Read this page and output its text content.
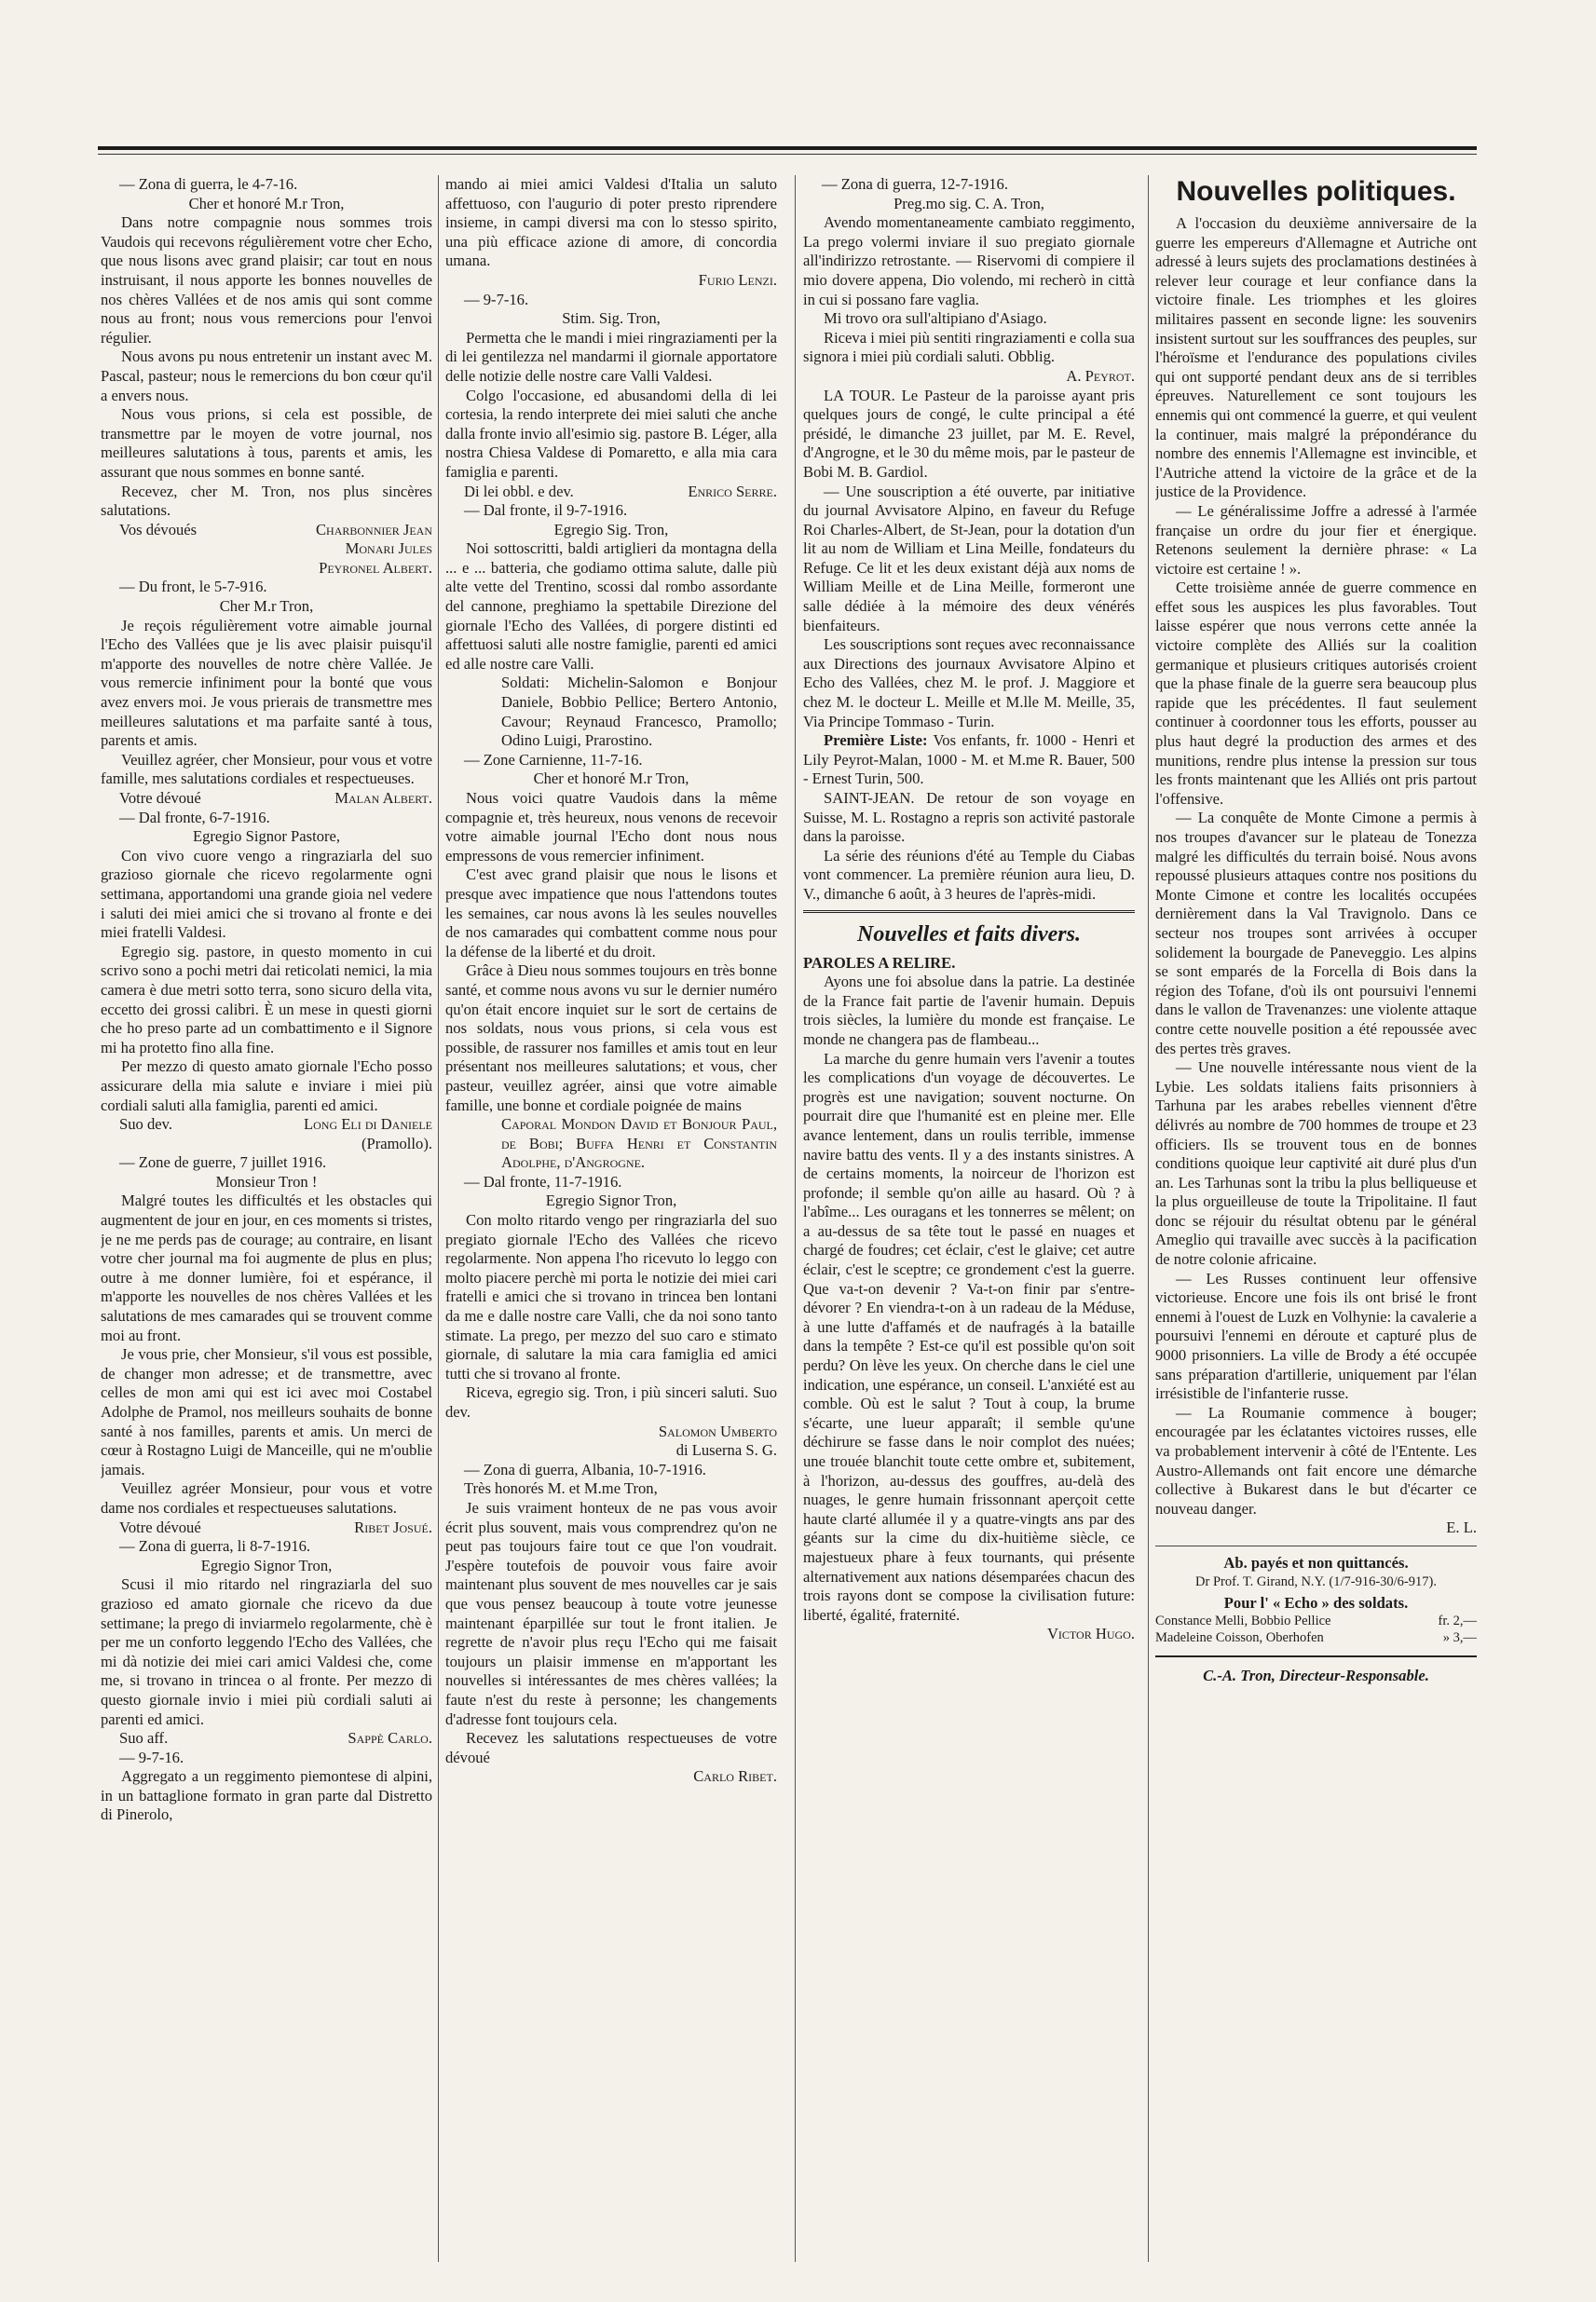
— Zona di guerra, le 4-7-16.

Cher et honoré M.r Tron,

Dans notre compagnie nous sommes trois Vaudois qui recevons régulièrement votre cher Echo, que nous lisons avec grand plaisir; car tout en nous instruisant, il nous apporte les bonnes nouvelles de nos chères Vallées et de nos amis qui sont comme nous au front; nous vous remercions pour l'envoi régulier.

Nous avons pu nous entretenir un instant avec M. Pascal, pasteur; nous le remercions du bon cœur qu'il a envers nous.

Nous vous prions, si cela est possible, de transmettre par le moyen de votre journal, nos meilleures salutations à tous, parents et amis, les assurant que nous sommes en bonne santé.

Recevez, cher M. Tron, nos plus sincères salutations.

Vos dévoués	Charbonnier Jean
Monari Jules
Peyronel Albert.

— Du front, le 5-7-916.

Cher M.r Tron,

Je reçois régulièrement votre aimable journal l'Echo des Vallées que je lis avec plaisir puisqu'il m'apporte des nouvelles de notre chère Vallée. Je vous remercie infiniment pour la bonté que vous avez envers moi. Je vous prierais de transmettre mes meilleures salutations et ma parfaite santé à tous, parents et amis.

Veuillez agréer, cher Monsieur, pour vous et votre famille, mes salutations cordiales et respectueuses.

Votre dévoué	Malan Albert.

— Dal fronte, 6-7-1916.

Egregio Signor Pastore,

Con vivo cuore vengo a ringraziarla del suo grazioso giornale che ricevo regolarmente ogni settimana, apportandomi una grande gioia nel vedere i saluti dei miei amici che si trovano al fronte e dei miei fratelli Valdesi.

Egregio sig. pastore, in questo momento in cui scrivo sono a pochi metri dai reticolati nemici, la mia camera è due metri sotto terra, sono sicuro della vita, eccetto dei grossi calibri. È un mese in questi giorni che ho preso parte ad un combattimento e il Signore mi ha protetto fino alla fine.

Per mezzo di questo amato giornale l'Echo posso assicurare della mia salute e inviare i miei più cordiali saluti alla famiglia, parenti ed amici.

Suo dev.	Long Eli di Daniele

(Pramollo).

— Zone de guerre, 7 juillet 1916.

Monsieur Tron !

Malgré toutes les difficultés et les obstacles qui augmentent de jour en jour, en ces moments si tristes, je ne me perds pas de courage; au contraire, en lisant votre cher journal ma foi augmente de plus en plus; outre à me donner lumière, foi et espérance, il m'apporte les nouvelles de nos chères Vallées et les salutations de mes camarades qui se trouvent comme moi au front.

Je vous prie, cher Monsieur, s'il vous est possible, de changer mon adresse; et de transmettre, avec celles de mon ami qui est ici avec moi Costabel Adolphe de Pramol, nos meilleurs souhaits de bonne santé à nos familles, parents et amis. Un merci de cœur à Rostagno Luigi de Manceille, qui ne m'oublie jamais.

Veuillez agréer Monsieur, pour vous et votre dame nos cordiales et respectueuses salutations.

Votre dévoué	Ribet Josué.

— Zona di guerra, li 8-7-1916.

Egregio Signor Tron,

Scusi il mio ritardo nel ringraziarla del suo grazioso ed amato giornale che ricevo da due settimane; la prego di inviarmelo regolarmente, chè è per me un conforto leggendo l'Echo des Vallées, che mi dà notizie dei miei cari amici Valdesi che, come me, si trovano in trincea o al fronte. Per mezzo di questo giornale invio i miei più cordiali saluti ai parenti ed amici.

Suo aff.	Sappè Carlo.

— 9-7-16.

Aggregato a un reggimento piemontese di alpini, in un battaglione formato in gran parte dal Distretto di Pinerolo,

mando ai miei amici Valdesi d'Italia un saluto affettuoso, con l'augurio di poter presto riprendere insieme, in campi diversi ma con lo stesso spirito, una più efficace azione di amore, di concordia umana.

Furio Lenzi.

— 9-7-16.

Stim. Sig. Tron,

Permetta che le mandi i miei ringraziamenti per la di lei gentilezza nel mandarmi il giornale apportatore delle notizie delle nostre care Valli Valdesi.

Colgo l'occasione, ed abusandomi della di lei cortesia, la rendo interprete dei miei saluti che anche dalla fronte invio all'esimio sig. pastore B. Léger, alla nostra Chiesa Valdese di Pomaretto, e alla mia cara famiglia e parenti.

Di lei obbl. e dev.	Enrico Serre.

— Dal fronte, il 9-7-1916.

Egregio Sig. Tron,

Noi sottoscritti, baldi artiglieri da montagna della ... e ... batteria, che godiamo ottima salute, dalle più alte vette del Trentino, scossi dal rombo assordante del cannone, preghiamo la spettabile Direzione del giornale l'Echo des Vallées, di porgere distinti ed affettuosi saluti alle nostre famiglie, parenti ed amici ed alle nostre care Valli.

Soldati: Michelin-Salomon e Bonjour Daniele, Bobbio Pellice; Bertero Antonio, Cavour; Reynaud Francesco, Pramollo; Odino Luigi, Prarostino.

— Zone Carnienne, 11-7-16.

Cher et honoré M.r Tron,

Nous voici quatre Vaudois dans la même compagnie et, très heureux, nous venons de recevoir votre aimable journal l'Echo dont nous nous empressons de vous remercier infiniment.

C'est avec grand plaisir que nous le lisons et presque avec impatience que nous l'attendons toutes les semaines, car nous avons là les seules nouvelles de nos camarades qui combattent comme nous pour la défense de la liberté et du droit.

Grâce à Dieu nous sommes toujours en très bonne santé, et comme nous avons vu sur le dernier numéro qu'on était encore inquiet sur le sort de certains de nos soldats, nous vous prions, si cela vous est possible, de rassurer nos familles et amis tout en leur présentant nos meilleures salutations; et vous, cher pasteur, veuillez agréer, ainsi que votre aimable famille, une bonne et cordiale poignée de mains

Caporal Mondon David et Bonjour Paul, de Bobi; Buffa Henri et Constantin Adolphe, d'Angrogne.

— Dal fronte, 11-7-1916.

Egregio Signor Tron,

Con molto ritardo vengo per ringraziarla del suo pregiato giornale l'Echo des Vallées che ricevo regolarmente. Non appena l'ho ricevuto lo leggo con molto piacere perchè mi porta le notizie dei miei cari fratelli e amici che si trovano in trincea ben lontani da me e dalle nostre care Valli, che da noi sono tanto stimate. La prego, per mezzo del suo caro e stimato giornale, di salutare la mia cara famiglia ed amici tutti che si trovano al fronte.

Riceva, egregio sig. Tron, i più sinceri saluti. Suo dev.

Salomon Umberto

di Luserna S. G.

— Zona di guerra, Albania, 10-7-1916.

Très honorés M. et M.me Tron,

Je suis vraiment honteux de ne pas vous avoir écrit plus souvent, mais vous comprendrez qu'on ne peut pas toujours faire tout ce que l'on voudrait. J'espère toutefois de pouvoir vous faire avoir maintenant plus souvent de mes nouvelles car je sais que vous pensez beaucoup à toute votre jeunesse maintenant éparpillée sur tout le front italien. Je regrette de n'avoir plus reçu l'Echo qui me faisait toujours un plaisir immense en m'apportant les nouvelles si intéressantes de mes chères vallées; la faute n'est du reste à personne; les changements d'adresse font toujours cela.

Recevez les salutations respectueuses de votre dévoué

Carlo Ribet.

— Zona di guerra, 12-7-1916.

Preg.mo sig. C. A. Tron,

Avendo momentaneamente cambiato reggimento, La prego volermi inviare il suo pregiato giornale all'indirizzo retrostante. — Riservomi di compiere il mio dovere appena, Dio volendo, mi recherò in città in cui si possano fare vaglia.

Mi trovo ora sull'altipiano d'Asiago.

Riceva i miei più sentiti ringraziamenti e colla sua signora i miei più cordiali saluti. Obblig.

A. Peyrot.

LA TOUR. Le Pasteur de la paroisse ayant pris quelques jours de congé, le culte principal a été présidé, le dimanche 23 juillet, par M. E. Revel, d'Angrogne, et le 30 du même mois, par le pasteur de Bobi M. B. Gardiol.

— Une souscription a été ouverte, par initiative du journal Avvisatore Alpino, en faveur du Refuge Roi Charles-Albert, de St-Jean, pour la dotation d'un lit au nom de William et Lina Meille, fondateurs du Refuge. Ce lit et les deux existant déjà aux noms de William Meille et de Lina Meille, formeront une salle dédiée à la mémoire des deux vénérés bienfaiteurs.

Les souscriptions sont reçues avec reconnaissance aux Directions des journaux Avvisatore Alpino et Echo des Vallées, chez M. le prof. J. Maggiore et chez M. le docteur L. Meille et M.lle M. Meille, 35, Via Principe Tommaso - Turin.

Première Liste: Vos enfants, fr. 1000 - Henri et Lily Peyrot-Malan, 1000 - M. et M.me R. Bauer, 500 - Ernest Turin, 500.

SAINT-JEAN. De retour de son voyage en Suisse, M. L. Rostagno a repris son activité pastorale dans la paroisse.

La série des réunions d'été au Temple du Ciabas vont commencer. La première réunion aura lieu, D. V., dimanche 6 août, à 3 heures de l'après-midi.

Nouvelles et faits divers.

PAROLES A RELIRE.

Ayons une foi absolue dans la patrie. La destinée de la France fait partie de l'avenir humain. Depuis trois siècles, la lumière du monde est française. Le monde ne changera pas de flambeau...

La marche du genre humain vers l'avenir a toutes les complications d'un voyage de découvertes. Le progrès est une navigation; souvent nocturne. On pourrait dire que l'humanité est en pleine mer. Elle avance lentement, dans un roulis terrible, immense navire battu des vents. Il y a des instants sinistres. A de certains moments, la noirceur de l'horizon est profonde; il semble qu'on aille au hasard. Où ? à l'abîme... Les ouragans et les tonnerres se mêlent; on a au-dessus de sa tête tout le passé en nuages et chargé de foudres; cet éclair, c'est le glaive; cet autre éclair, c'est le sceptre; ce grondement c'est la guerre. Que va-t-on devenir ? Va-t-on finir par s'entre-dévorer ? En viendra-t-on à un radeau de la Méduse, à une lutte d'affamés et de naufragés à la bataille dans la tempête ? Est-ce qu'il est possible qu'on soit perdu? On lève les yeux. On cherche dans le ciel une indication, une espérance, un conseil. L'anxiété est au comble. Où est le salut ? Tout à coup, la brume s'écarte, une lueur apparaît; il semble qu'une déchirure se fasse dans le noir complot des nuées; une trouée blanchit toute cette ombre et, subitement, à l'horizon, au-dessus des gouffres, au-delà des nuages, le genre humain frissonnant aperçoit cette haute clarté allumée il y a quatre-vingts ans par des géants sur la cime du dix-huitième siècle, ce majestueux phare à feux tournants, qui présente alternativement aux nations désemparées chacun des trois rayons dont se compose la civilisation future: liberté, égalité, fraternité.

Victor Hugo.

Nouvelles politiques.

A l'occasion du deuxième anniversaire de la guerre les empereurs d'Allemagne et Autriche ont adressé à leurs sujets des proclamations destinées à relever leur courage et leur confiance dans la victoire finale. Les triomphes et les gloires militaires passent en seconde ligne: les souvenirs insistent surtout sur les souffrances des peuples, sur l'héroïsme et l'endurance des populations civiles qui ont supporté pendant deux ans de si terribles épreuves. Naturellement ce sont toujours les ennemis qui ont commencé la guerre, et qui veulent la continuer, mais malgré la prépondérance du nombre des ennemis l'Allemagne est invincible, et l'Autriche attend la victoire de la grâce et de la justice de la Providence.

— Le généralissime Joffre a adressé à l'armée française un ordre du jour fier et énergique. Retenons seulement la dernière phrase: « La victoire est certaine ! ».

Cette troisième année de guerre commence en effet sous les auspices les plus favorables. Tout laisse espérer que nous verrons cette année la victoire complète des Alliés sur la coalition germanique et plusieurs critiques autorisés croient que la phase finale de la guerre sera beaucoup plus rapide que les précédentes. Il faut seulement continuer à coordonner tous les efforts, pousser au plus haut degré la production des armes et des munitions, rendre plus intense la pression sur tous les fronts maintenant que les Alliés ont pris partout l'offensive.

— La conquête de Monte Cimone a permis à nos troupes d'avancer sur le plateau de Tonezza malgré les difficultés du terrain boisé. Nous avons repoussé plusieurs attaques contre nos positions du Monte Cimone et contre les localités occupées dernièrement dans la Val Travignolo. Dans ce secteur nos troupes sont arrivées à occuper solidement la bourgade de Paneveggio. Les alpins se sont emparés de la Forcella di Bois dans la région des Tofane, d'où ils ont poursuivi l'ennemi dans le vallon de Travenanzes: une violente attaque contre cette nouvelle position a été repoussée avec des pertes très graves.

— Une nouvelle intéressante nous vient de la Lybie. Les soldats italiens faits prisonniers à Tarhuna par les arabes rebelles viennent d'être délivrés au nombre de 700 hommes de troupe et 23 officiers. Ils se trouvent tous en de bonnes conditions quoique leur captivité ait duré plus d'un an. Les Tarhunas sont la tribu la plus belliqueuse et la plus orgueilleuse de toute la Tripolitaine. Il faut donc se réjouir du résultat obtenu par le général Ameglio qui travaille avec succès à la pacification de notre colonie africaine.

— Les Russes continuent leur offensive victorieuse. Encore une fois ils ont brisé le front ennemi à l'ouest de Luzk en Volhynie: la cavalerie a poursuivi l'ennemi en déroute et capturé plus de 9000 prisonniers. La ville de Brody a été occupée sans préparation d'artillerie, uniquement par l'élan irrésistible de l'infanterie russe.

— La Roumanie commence à bouger; encouragée par les éclatantes victoires russes, elle va probablement intervenir à côté de l'Entente. Les Austro-Allemands ont fait encore une démarche collective à Bukarest dans le but d'écarter ce nouveau danger.

E. L.

Ab. payés et non quittancés.

Dr Prof. T. Girand, N.Y. (1/7-916-30/6-917).

Pour l' « Echo » des soldats.

Constance Melli, Bobbio Pellice	fr. 2,—
Madeleine Coisson, Oberhofen	» 3,—

C.-A. Tron, Directeur-Responsable.
